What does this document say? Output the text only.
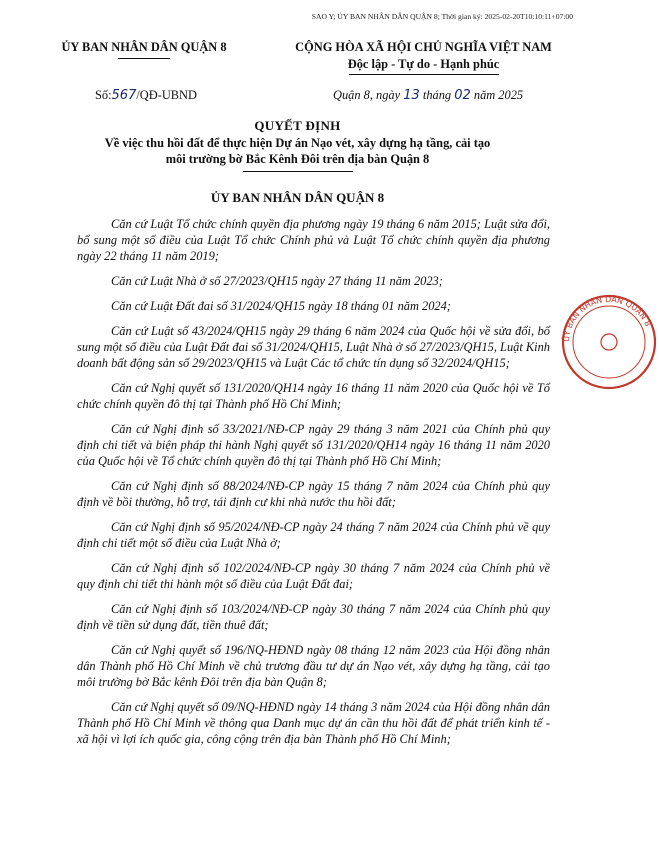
SAO Y; ỦY BAN NHÂN DÂN QUẬN 8; Thời gian ký: 2025-02-20T10:10:11+07:00
ỦY BAN NHÂN DÂN QUẬN 8	CỘNG HÒA XÃ HỘI CHỦ NGHĨA VIỆT NAM
Độc lập - Tự do - Hạnh phúc
Số:567/QĐ-UBND	Quận 8, ngày 13 tháng 02 năm 2025
QUYẾT ĐỊNH
Về việc thu hồi đất để thực hiện Dự án Nạo vét, xây dựng hạ tầng, cải tạo
môi trường bờ Bắc Kênh Đôi trên địa bàn Quận 8
ỦY BAN NHÂN DÂN QUẬN 8

Căn cứ Luật Tổ chức chính quyền địa phương ngày 19 tháng 6 năm 2015; Luật sửa đổi, bổ sung một số điều của Luật Tổ chức Chính phủ và Luật Tổ chức chính quyền địa phương ngày 22 tháng 11 năm 2019;

Căn cứ Luật Nhà ở số 27/2023/QH15 ngày 27 tháng 11 năm 2023;

Căn cứ Luật Đất đai số 31/2024/QH15 ngày 18 tháng 01 năm 2024;

Căn cứ Luật số 43/2024/QH15 ngày 29 tháng 6 năm 2024 của Quốc hội về sửa đổi, bổ sung một số điều của Luật Đất đai số 31/2024/QH15, Luật Nhà ở số 27/2023/QH15, Luật Kinh doanh bất động sản số 29/2023/QH15 và Luật Các tổ chức tín dụng số 32/2024/QH15;

Căn cứ Nghị quyết số 131/2020/QH14 ngày 16 tháng 11 năm 2020 của Quốc hội về Tổ chức chính quyền đô thị tại Thành phố Hồ Chí Minh;

Căn cứ Nghị định số 33/2021/NĐ-CP ngày 29 tháng 3 năm 2021 của Chính phủ quy định chi tiết và biện pháp thi hành Nghị quyết số 131/2020/QH14 ngày 16 tháng 11 năm 2020 của Quốc hội về Tổ chức chính quyền đô thị tại Thành phố Hồ Chí Minh;

Căn cứ Nghị định số 88/2024/NĐ-CP ngày 15 tháng 7 năm 2024 của Chính phủ quy định về bồi thường, hỗ trợ, tái định cư khi nhà nước thu hồi đất;

Căn cứ Nghị định số 95/2024/NĐ-CP ngày 24 tháng 7 năm 2024 của Chính phủ về quy định chi tiết một số điều của Luật Nhà ở;

Căn cứ Nghị định số 102/2024/NĐ-CP ngày 30 tháng 7 năm 2024 của Chính phủ về quy định chi tiết thi hành một số điều của Luật Đất đai;

Căn cứ Nghị định số 103/2024/NĐ-CP ngày 30 tháng 7 năm 2024 của Chính phủ quy định về tiền sử dụng đất, tiền thuê đất;

Căn cứ Nghị quyết số 196/NQ-HĐND ngày 08 tháng 12 năm 2023 của Hội đồng nhân dân Thành phố Hồ Chí Minh về chủ trương đầu tư dự án Nạo vét, xây dựng hạ tầng, cải tạo môi trường bờ Bắc kênh Đôi trên địa bàn Quận 8;

Căn cứ Nghị quyết số 09/NQ-HĐND ngày 14 tháng 3 năm 2024 của Hội đồng nhân dân Thành phố Hồ Chí Minh về thông qua Danh mục dự án cần thu hồi đất để phát triển kinh tế - xã hội vì lợi ích quốc gia, công cộng trên địa bàn Thành phố Hồ Chí Minh;

ỦY BAN NHÂN DÂN QUẬN 8
